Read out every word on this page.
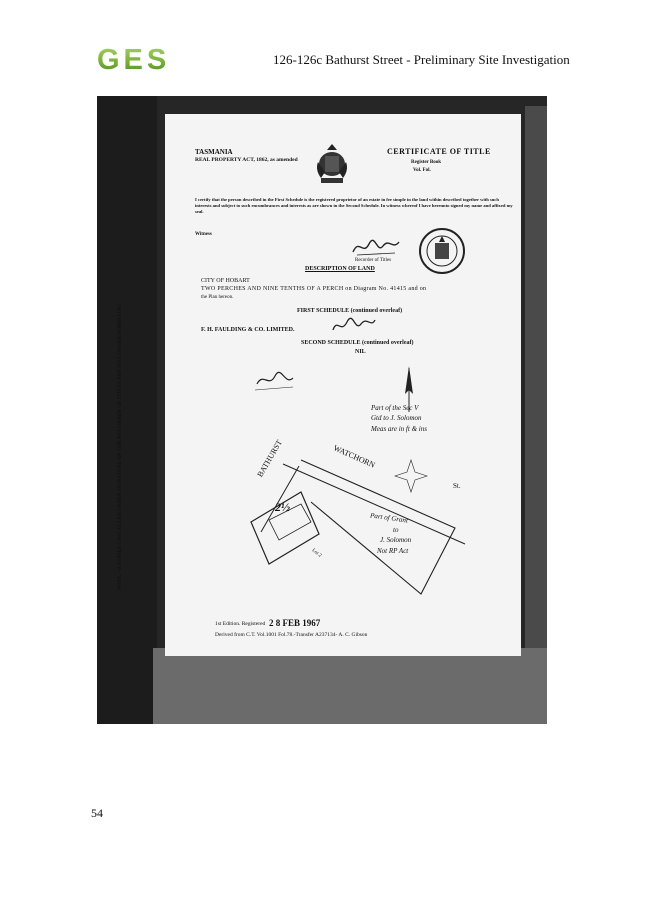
GES	126-126c Bathurst Street - Preliminary Site Investigation
NOTE.—ENTRIES CANCELLED UNDER SIGNATURE OF THE RECORDER OF TITLES ARE NO LONGER SUBSISTING
TASMANIA
REAL PROPERTY ACT, 1862, as amended
CERTIFICATE OF TITLE
Register Book
Vol. Fol.
I certify that the person described in the First Schedule is the registered proprietor of an estate in fee simple in the land within described together with such interests and subject to such encumbrances and interests as are shown in the Second Schedule. In witness whereof I have hereunto signed my name and affixed my seal.
Witness
Recorder of Titles
DESCRIPTION OF LAND
CITY OF HOBART
TWO PERCHES AND NINE TENTHS OF A PERCH on Diagram No. 41415 and on
the Plan hereon.
FIRST SCHEDULE (continued overleaf)
F. H. FAULDING & CO. LIMITED.
SECOND SCHEDULE (continued overleaf)
NIL
Part of the Sec V
Gtd to J. Solomon
Meas are in ft & ins
WATCHORN
St.
BATHURST
2½
Part of Grant
to
J. Solomon
Not RP Act
Lot 2
1st Edition. Registered 2 8 FEB 1967
Derived from C.T. Vol.1001 Fol.78.-Transfer A237134- A. C. Gibson
54
